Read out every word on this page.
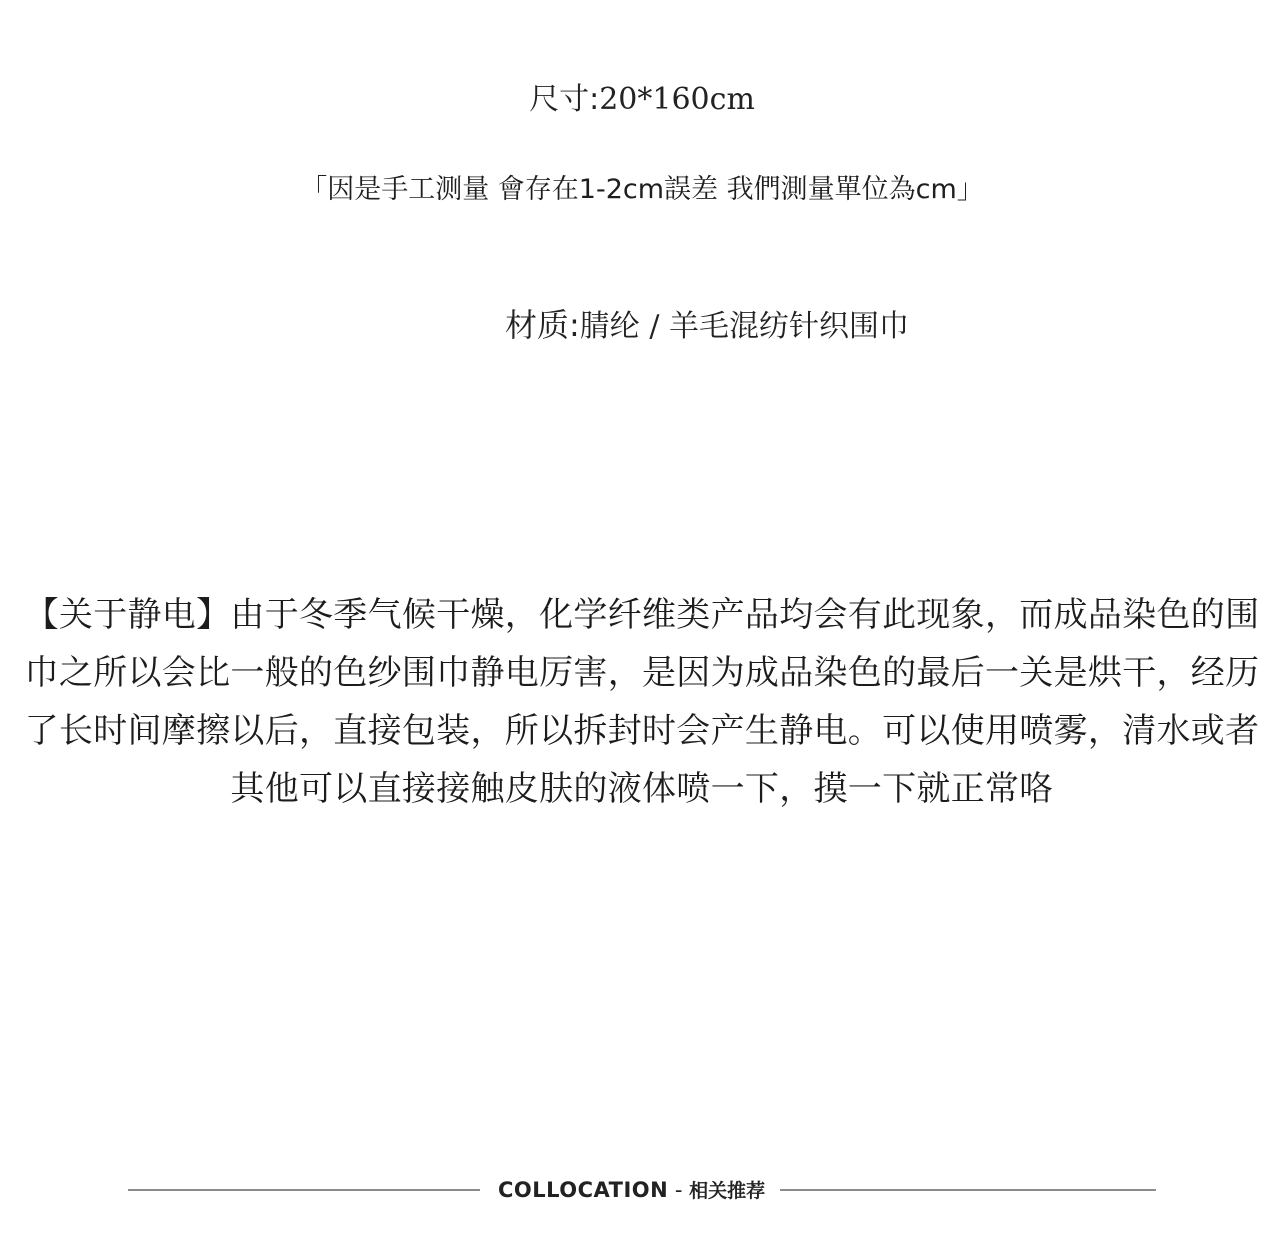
尺寸:20*160cm
「因是手工测量 會存在1-2cm誤差 我們測量單位為cm」
材质:腈纶 / 羊毛混纺针织围巾
【关于静电】由于冬季气候干燥，化学纤维类产品均会有此现象，而成品染色的围巾之所以会比一般的色纱围巾静电厉害，是因为成品染色的最后一关是烘干，经历了长时间摩擦以后，直接包装，所以拆封时会产生静电。可以使用喷雾，清水或者其他可以直接接触皮肤的液体喷一下，摸一下就正常咯
COLLOCATION - 相关推荐
